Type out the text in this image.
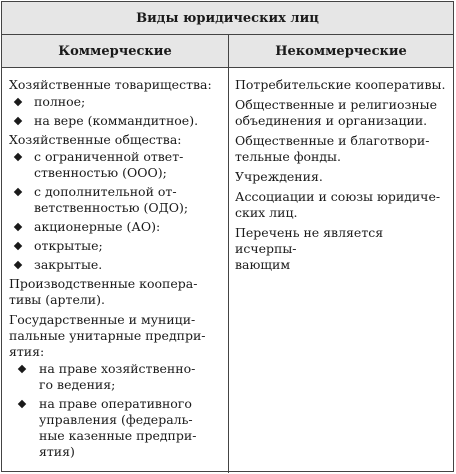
Виды юридических лиц
Коммерческие	Некоммерческие
Хозяйственные товарищества:
полное;
на вере (коммандитное).
Хозяйственные общества:
с ограниченной ответ-
ственностью (ООО);
с дополнительной от-
ветственностью (ОДО);
акционерные (АО):
открытые;
закрытые.
Производственные коопера-
тивы (артели).
Государственные и муници-
пальные унитарные предпри-
ятия:
на праве хозяйственно-
го ведения;
на праве оперативного
управления (федераль-
ные казенные предпри-
ятия)
Потребительские кооперативы.
Общественные и религиозные
объединения и организации.
Общественные и благотвори-
тельные фонды.
Учреждения.
Ассоциации и союзы юридиче-
ских лиц.
Перечень не является исчерпы-
вающим
